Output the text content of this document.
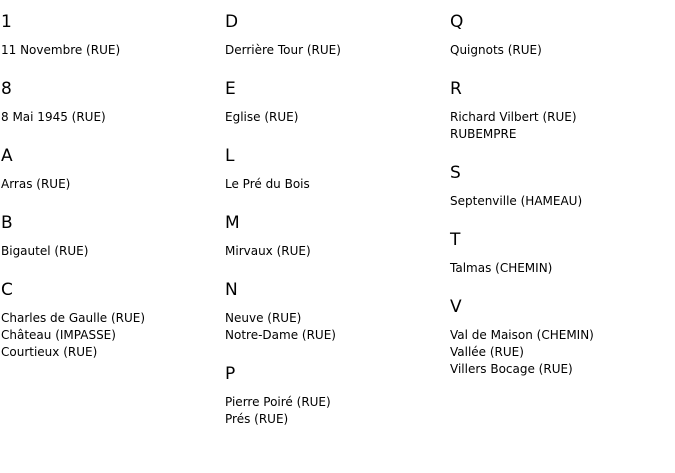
1
11 Novembre (RUE)
8
8 Mai 1945 (RUE)
A
Arras (RUE)
B
Bigautel (RUE)
C
Charles de Gaulle (RUE)
Château (IMPASSE)
Courtieux (RUE)
D
Derrière Tour (RUE)
E
Eglise (RUE)
L
Le Pré du Bois
M
Mirvaux (RUE)
N
Neuve (RUE)
Notre-Dame (RUE)
P
Pierre Poiré (RUE)
Prés (RUE)
Q
Quignots (RUE)
R
Richard Vilbert (RUE)
RUBEMPRE
S
Septenville (HAMEAU)
T
Talmas (CHEMIN)
V
Val de Maison (CHEMIN)
Vallée (RUE)
Villers Bocage (RUE)
